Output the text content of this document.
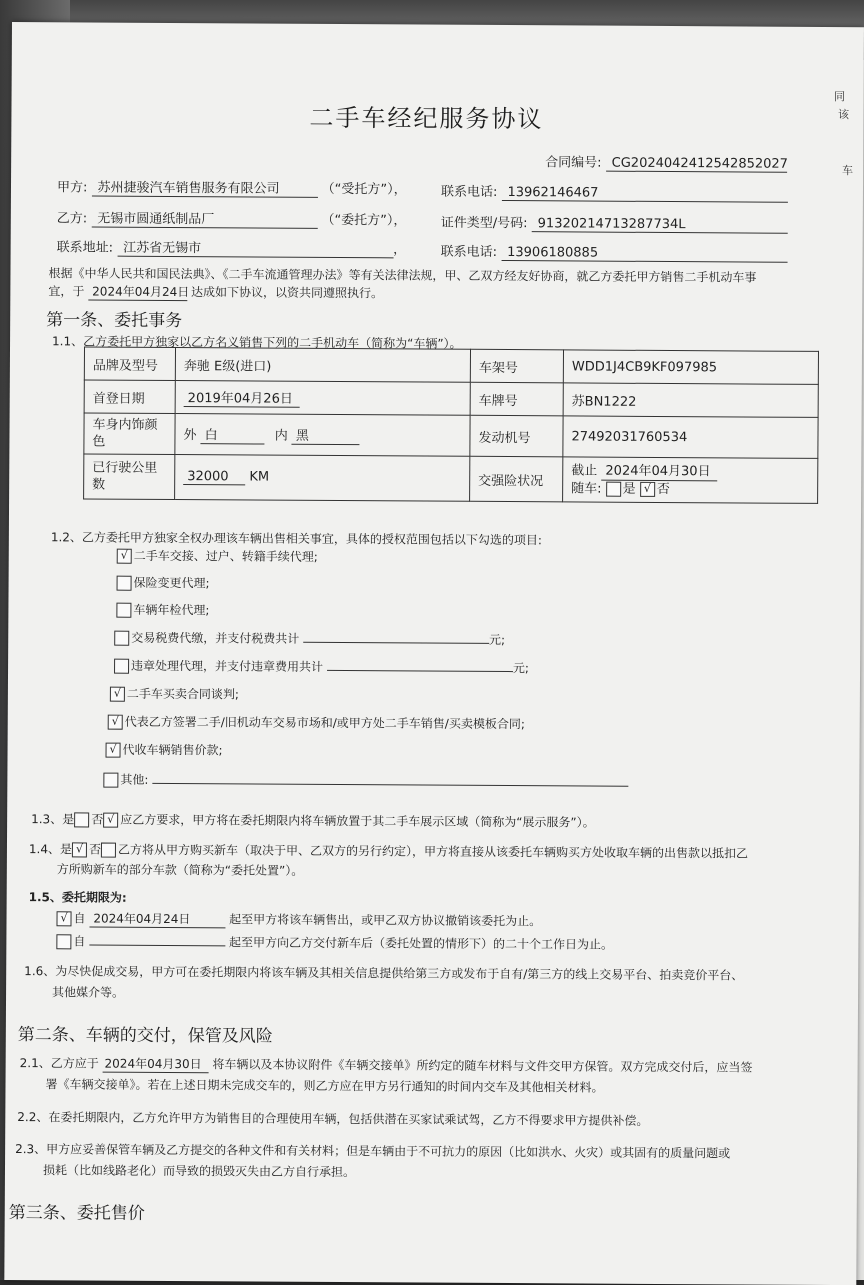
二手车经纪服务协议
合同编号: CG2024042412542852027
甲方: 苏州捷骏汽车销售服务有限公司	（“受托方”），	联系电话: 13962146467
乙方: 无锡市圆通纸制品厂	（“委托方”），	证件类型/号码: 91320214713287734L
联系地址: 江苏省无锡市	，	联系电话: 13906180885
根据《中华人民共和国民法典》、《二手车流通管理办法》等有关法律法规，甲、乙双方经友好协商，就乙方委托甲方销售二手机动车事
宜，于 2024年04月24日 达成如下协议，以资共同遵照执行。
第一条、委托事务
1.1、乙方委托甲方独家以乙方名义销售下列的二手机动车（简称为“车辆”）。
品牌及型号	奔驰 E级(进口)	车架号	WDD1J4CB9KF097985
首登日期	2019年04月26日	车牌号	苏BN1222
车身内饰颜色	外 白 内 黑	发动机号	27492031760534
已行驶公里数	32000 KM	交强险状况	截止 2024年04月30日
随车: 是 √ 否
1.2、乙方委托甲方独家全权办理该车辆出售相关事宜，具体的授权范围包括以下勾选的项目:
√ 二手车交接、过户、转籍手续代理;
保险变更代理;
车辆年检代理;
交易税费代缴，并支付税费共计	元;
违章处理代理，并支付违章费用共计	元;
√ 二手车买卖合同谈判;
√ 代表乙方签署二手/旧机动车交易市场和/或甲方处二手车销售/买卖模板合同;
√ 代收车辆销售价款;
其他:
1.3、是 否 √ 应乙方要求，甲方将在委托期限内将车辆放置于其二手车展示区域（简称为“展示服务”）。
1.4、是 √ 否 乙方将从甲方购买新车（取决于甲、乙双方的另行约定），甲方将直接从该委托车辆购买方处收取车辆的出售款以抵扣乙
方所购新车的部分车款（简称为“委托处置”）。
1.5、委托期限为:
√ 自 2024年04月24日	起至甲方将该车辆售出，或甲乙双方协议撤销该委托为止。
自	起至甲方向乙方交付新车后（委托处置的情形下）的二十个工作日为止。
1.6、为尽快促成交易，甲方可在委托期限内将该车辆及其相关信息提供给第三方或发布于自有/第三方的线上交易平台、拍卖竞价平台、
其他媒介等。
第二条、车辆的交付，保管及风险
2.1、乙方应于 2024年04月30日 将车辆以及本协议附件《车辆交接单》所约定的随车材料与文件交甲方保管。双方完成交付后，应当签
署《车辆交接单》。若在上述日期未完成交车的，则乙方应在甲方另行通知的时间内交车及其他相关材料。
2.2、在委托期限内，乙方允许甲方为销售目的合理使用车辆，包括供潜在买家试乘试驾，乙方不得要求甲方提供补偿。
2.3、甲方应妥善保管车辆及乙方提交的各种文件和有关材料；但是车辆由于不可抗力的原因（比如洪水、火灾）或其固有的质量问题或
损耗（比如线路老化）而导致的损毁灭失由乙方自行承担。
第三条、委托售价
同
该
车
